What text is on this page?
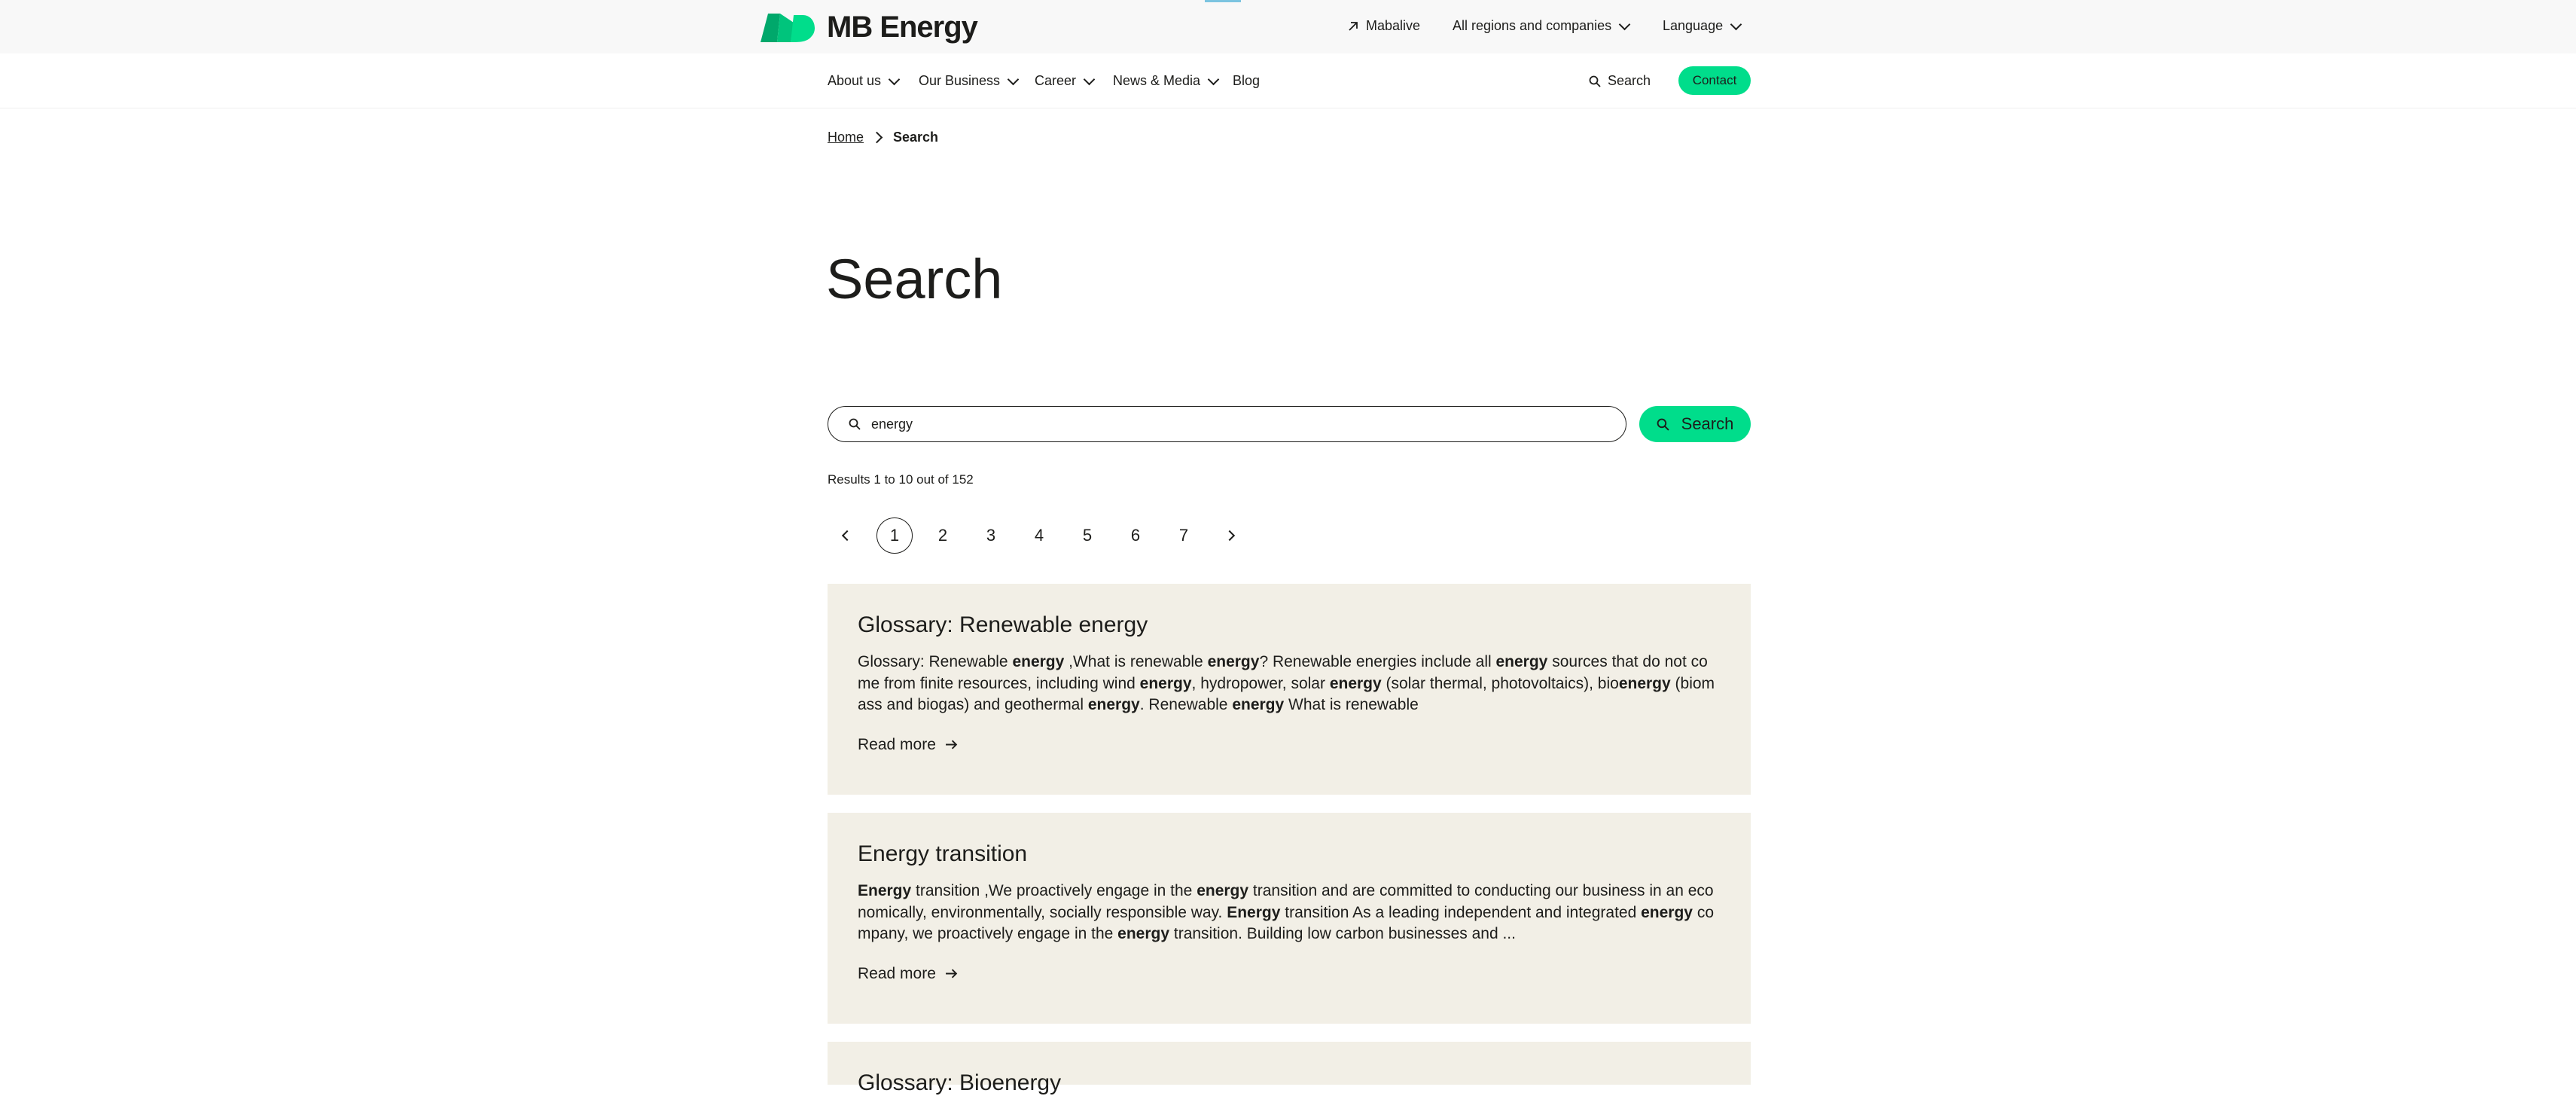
MB Energy	Mabalive All regions and companies	Language
About us	Our Business	Career	News & Media Blog	Search	Contact
Home Search
Search
energy
Search
Results 1 to 10 out of 152
1	2	3	4	5	6	7
Glossary: Renewable energy

Glossary: Renewable energy ,What is renewable energy? Renewable energies include all energy sources that do not come from finite resources, including wind energy, hydropower, solar energy (solar thermal, photovoltaics), bioenergy (biomass and biogas) and geothermal energy. Renewable energy What is renewable

Read more
Energy transition

Energy transition ,We proactively engage in the energy transition and are committed to conducting our business in an economically, environmentally, socially responsible way. Energy transition As a leading independent and integrated energy company, we proactively engage in the energy transition. Building low carbon businesses and ...

Read more
Glossary: Bioenergy
